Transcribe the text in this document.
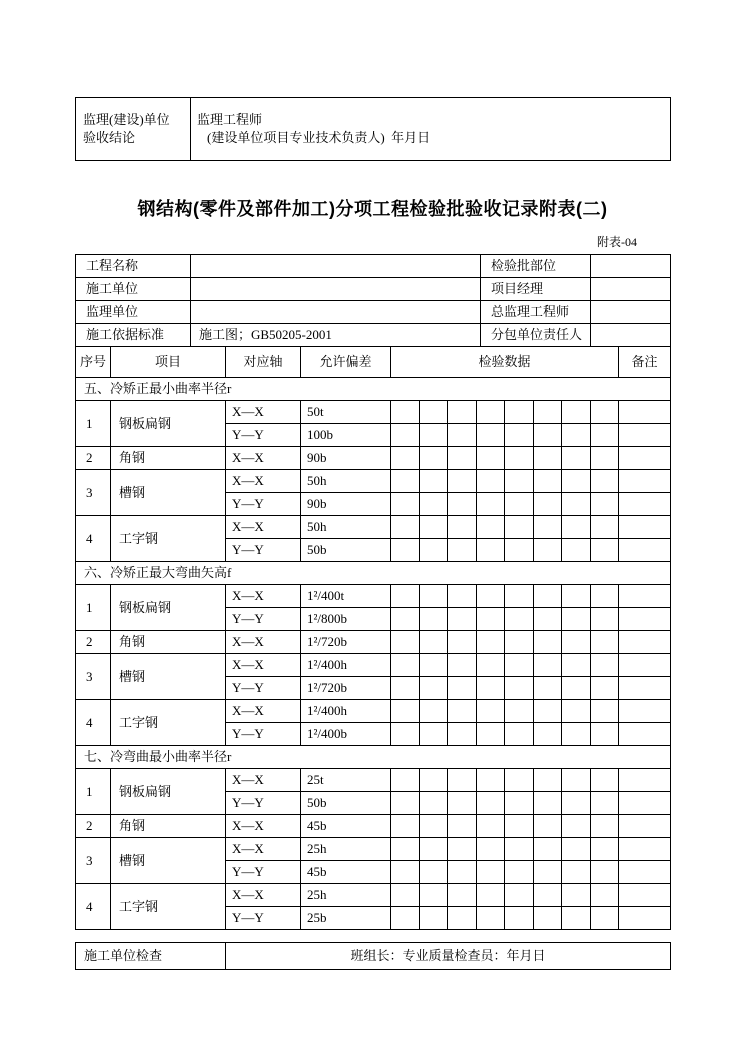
监理(建设)单位
验收结论

监理工程师
(建设单位项目专业技术负责人)  年月日
钢结构(零件及部件加工)分项工程检验批验收记录附表(二)
附表-04
工程名称		检验批部位	
施工单位		项目经理	
监理单位		总监理工程师	
施工依据标准	施工图；GB50205-2001	分包单位责任人	
序号	项目	对应轴	允许偏差	检验数据								备注
五、冷矫正最小曲率半径r												
1	钢板扁钢	X—X	50t									
		Y—Y	100b									
2	角钢	X—X	90b									
3	槽钢	X—X	50h									
		Y—Y	90b									
4	工字钢	X—X	50h									
		Y—Y	50b									
六、冷矫正最大弯曲矢高f												
1	钢板扁钢	X—X	1²/400t									
		Y—Y	1²/800b									
2	角钢	X—X	1²/720b									
3	槽钢	X—X	1²/400h									
		Y—Y	1²/720b									
4	工字钢	X—X	1²/400h									
		Y—Y	1²/400b									
七、冷弯曲最小曲率半径r												
1	钢板扁钢	X—X	25t									
		Y—Y	50b									
2	角钢	X—X	45b									
3	槽钢	X—X	25h									
		Y—Y	45b									
4	工字钢	X—X	25h									
		Y—Y	25b									
施工单位检查	班组长：专业质量检查员：年月日
